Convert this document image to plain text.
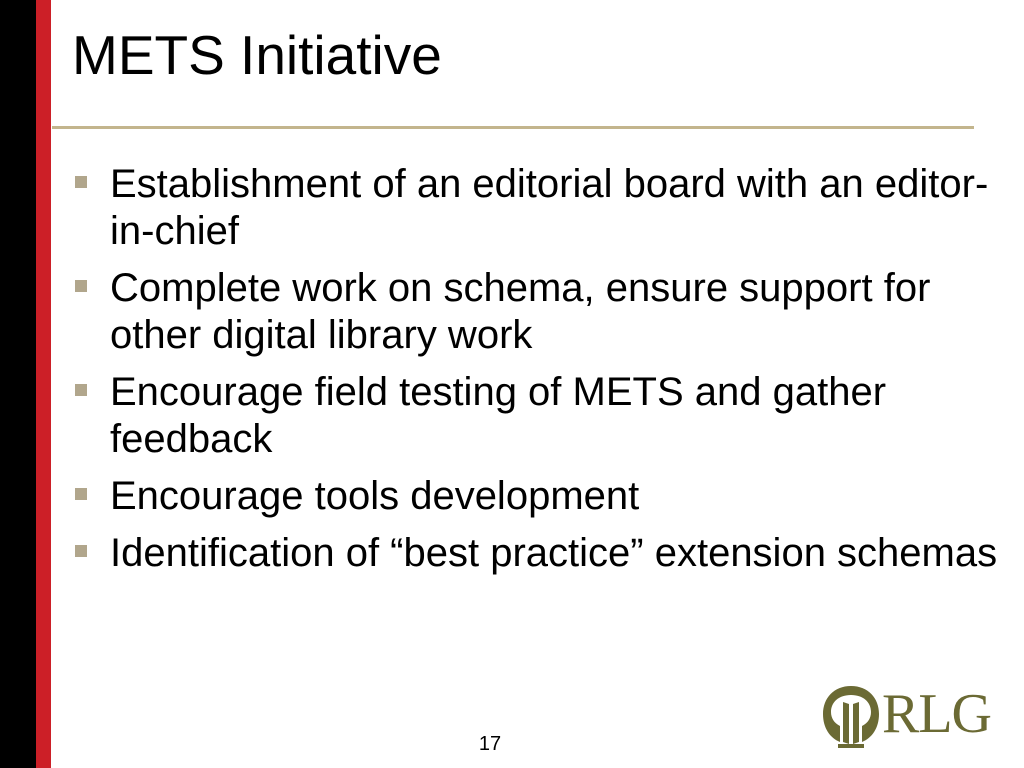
METS Initiative
Establishment of an editorial board with an editor-in-chief
Complete work on schema, ensure support for other digital library work
Encourage field testing of METS and gather feedback
Encourage tools development
Identification of “best practice” extension schemas
17	RLG
